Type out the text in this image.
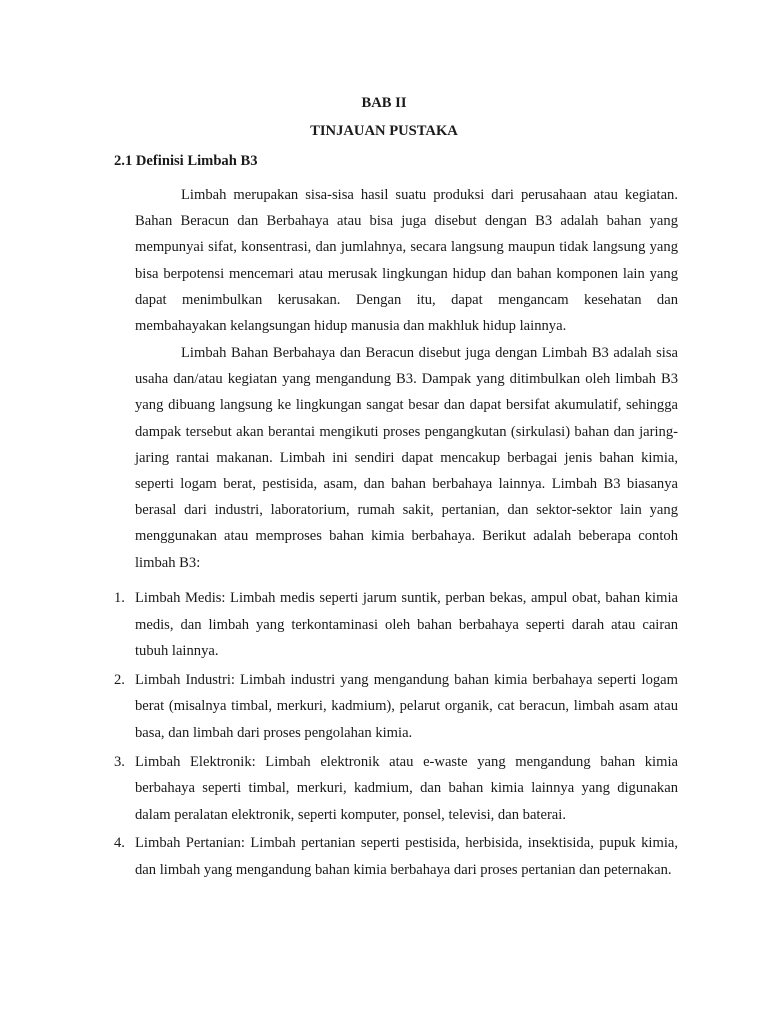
BAB II
TINJAUAN PUSTAKA
2.1 Definisi Limbah B3

Limbah merupakan sisa-sisa hasil suatu produksi dari perusahaan atau kegiatan. Bahan Beracun dan Berbahaya atau bisa juga disebut dengan B3 adalah bahan yang mempunyai sifat, konsentrasi, dan jumlahnya, secara langsung maupun tidak langsung yang bisa berpotensi mencemari atau merusak lingkungan hidup dan bahan komponen lain yang dapat menimbulkan kerusakan. Dengan itu, dapat mengancam kesehatan dan membahayakan kelangsungan hidup manusia dan makhluk hidup lainnya.

Limbah Bahan Berbahaya dan Beracun disebut juga dengan Limbah B3 adalah sisa usaha dan/atau kegiatan yang mengandung B3. Dampak yang ditimbulkan oleh limbah B3 yang dibuang langsung ke lingkungan sangat besar dan dapat bersifat akumulatif, sehingga dampak tersebut akan berantai mengikuti proses pengangkutan (sirkulasi) bahan dan jaring-jaring rantai makanan. Limbah ini sendiri dapat mencakup berbagai jenis bahan kimia, seperti logam berat, pestisida, asam, dan bahan berbahaya lainnya. Limbah B3 biasanya berasal dari industri, laboratorium, rumah sakit, pertanian, dan sektor-sektor lain yang menggunakan atau memproses bahan kimia berbahaya. Berikut adalah beberapa contoh limbah B3:

1. Limbah Medis: Limbah medis seperti jarum suntik, perban bekas, ampul obat, bahan kimia medis, dan limbah yang terkontaminasi oleh bahan berbahaya seperti darah atau cairan tubuh lainnya.
2. Limbah Industri: Limbah industri yang mengandung bahan kimia berbahaya seperti logam berat (misalnya timbal, merkuri, kadmium), pelarut organik, cat beracun, limbah asam atau basa, dan limbah dari proses pengolahan kimia.
3. Limbah Elektronik: Limbah elektronik atau e-waste yang mengandung bahan kimia berbahaya seperti timbal, merkuri, kadmium, dan bahan kimia lainnya yang digunakan dalam peralatan elektronik, seperti komputer, ponsel, televisi, dan baterai.
4. Limbah Pertanian: Limbah pertanian seperti pestisida, herbisida, insektisida, pupuk kimia, dan limbah yang mengandung bahan kimia berbahaya dari proses pertanian dan peternakan.
